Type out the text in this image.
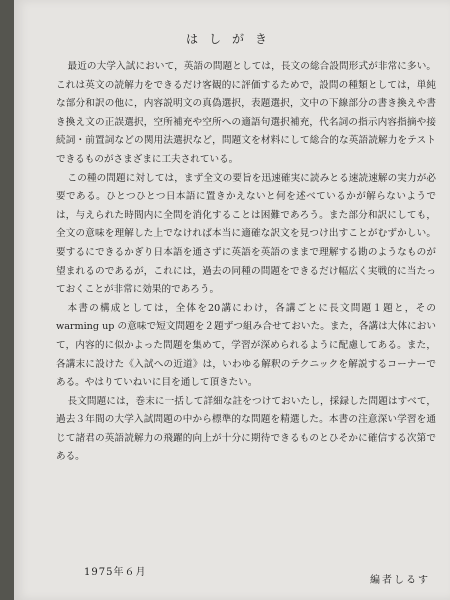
はしがき

最近の大学入試において，英語の問題としては，長文の総合設問形式が非常に多い。これは英文の読解力をできるだけ客観的に評価するためで，設問の種類としては，単純な部分和訳の他に，内容説明文の真偽選択，表題選択，文中の下線部分の書き換えや書き換え文の正誤選択，空所補充や空所への適語句選択補充，代名詞の指示内容指摘や接続詞・前置詞などの関用法選択など，問題文を材料にして総合的な英語読解力をテストできるものがさまざまに工夫されている。

この種の問題に対しては，まず全文の要旨を迅速確実に読みとる速読速解の実力が必要である。ひとつひとつ日本語に置きかえないと何を述べているかが解らないようでは，与えられた時間内に全問を消化することは困難であろう。また部分和訳にしても，全文の意味を理解した上でなければ本当に適確な訳文を見つけ出すことがむずかしい。要するにできるかぎり日本語を通さずに英語を英語のままで理解する勘のようなものが望まれるのであるが，これには，過去の同種の問題をできるだけ幅広く実戦的に当たっておくことが非常に効果的であろう。

本書の構成としては，全体を20講にわけ，各講ごとに長文問題１題と，その warming up の意味で短文問題を２題ずつ組み合せておいた。また，各講は大体において，内容的に似かよった問題を集めて，学習が深められるように配慮してある。また，各講末に設けた《入試への近道》は，いわゆる解釈のテクニックを解説するコーナーである。やはりていねいに目を通して頂きたい。

長文問題には，巻末に一括して詳細な註をつけておいたし，採録した問題はすべて，過去３年間の大学入試問題の中から標準的な問題を精選した。本書の注意深い学習を通じて諸君の英語読解力の飛躍的向上が十分に期待できるものとひそかに確信する次第である。

1975年６月
編者しるす
